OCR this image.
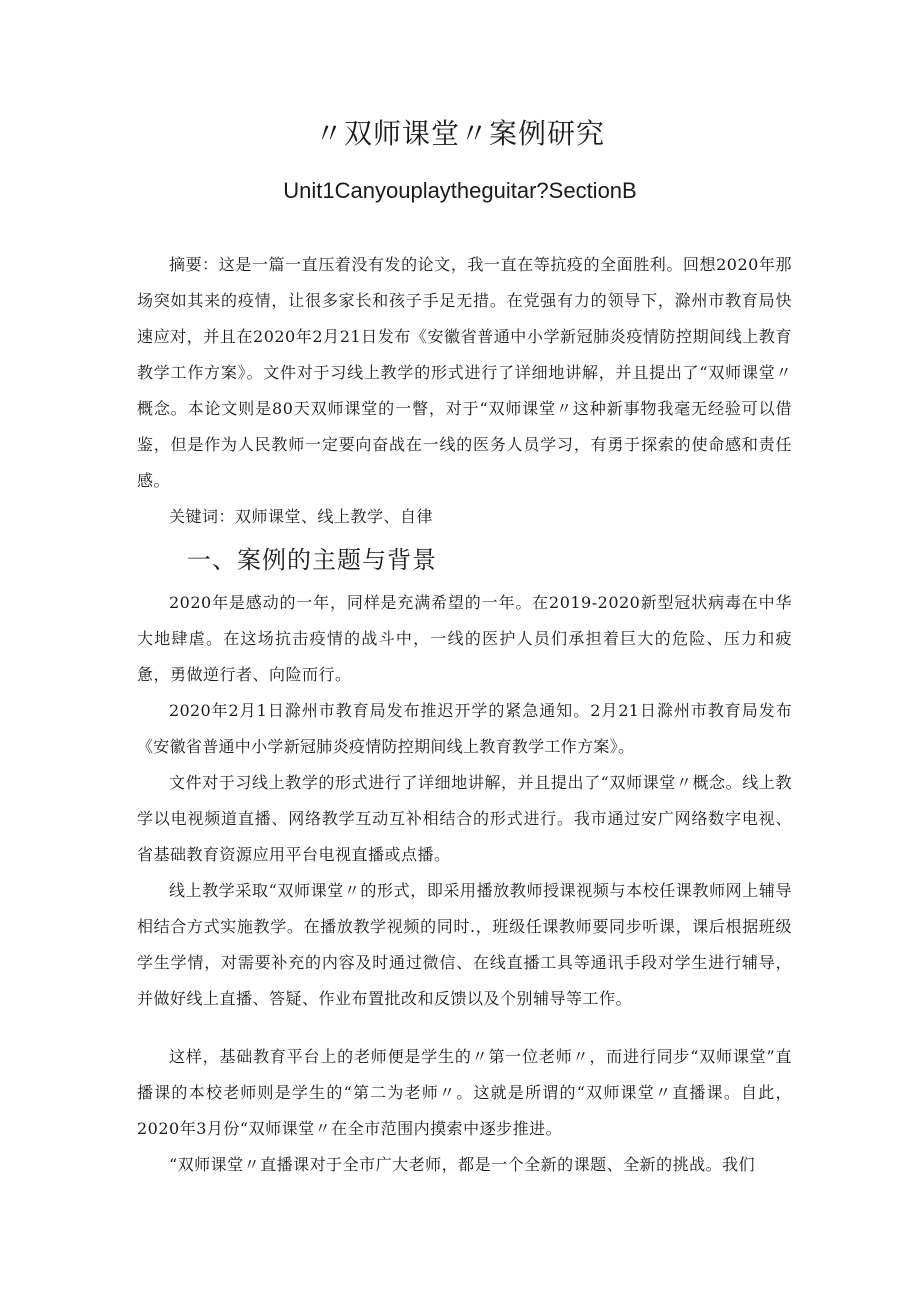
〃双师课堂〃案例研究
Unit1Canyouplaytheguitar?SectionB

摘要：这是一篇一直压着没有发的论文，我一直在等抗疫的全面胜利。回想2020年那场突如其来的疫情，让很多家长和孩子手足无措。在党强有力的领导下，滁州市教育局快速应对，并且在2020年2月21日发布《安徽省普通中小学新冠肺炎疫情防控期间线上教育教学工作方案》。文件对于习线上教学的形式进行了详细地讲解，并且提出了“双师课堂〃概念。本论文则是80天双师课堂的一瞥，对于“双师课堂〃这种新事物我毫无经验可以借鉴，但是作为人民教师一定要向奋战在一线的医务人员学习，有勇于探索的使命感和责任感。

关键词：双师课堂、线上教学、自律

一、案例的主题与背景

2020年是感动的一年，同样是充满希望的一年。在2019-2020新型冠状病毒在中华大地肆虐。在这场抗击疫情的战斗中，一线的医护人员们承担着巨大的危险、压力和疲惫，勇做逆行者、向险而行。

2020年2月1日滁州市教育局发布推迟开学的紧急通知。2月21日滁州市教育局发布《安徽省普通中小学新冠肺炎疫情防控期间线上教育教学工作方案》。

文件对于习线上教学的形式进行了详细地讲解，并且提出了“双师课堂〃概念。线上教学以电视频道直播、网络教学互动互补相结合的形式进行。我市通过安广网络数字电视、省基础教育资源应用平台电视直播或点播。

线上教学采取“双师课堂〃的形式，即采用播放教师授课视频与本校任课教师网上辅导相结合方式实施教学。在播放教学视频的同时.，班级任课教师要同步听课，课后根据班级学生学情，对需要补充的内容及时通过微信、在线直播工具等通讯手段对学生进行辅导，并做好线上直播、答疑、作业布置批改和反馈以及个别辅导等工作。

这样，基础教育平台上的老师便是学生的〃第一位老师〃，而进行同步“双师课堂”直播课的本校老师则是学生的“第二为老师〃。这就是所谓的“双师课堂〃直播课。自此，2020年3月份“双师课堂〃在全市范围内摸索中逐步推进。

“双师课堂〃直播课对于全市广大老师，都是一个全新的课题、全新的挑战。我们
